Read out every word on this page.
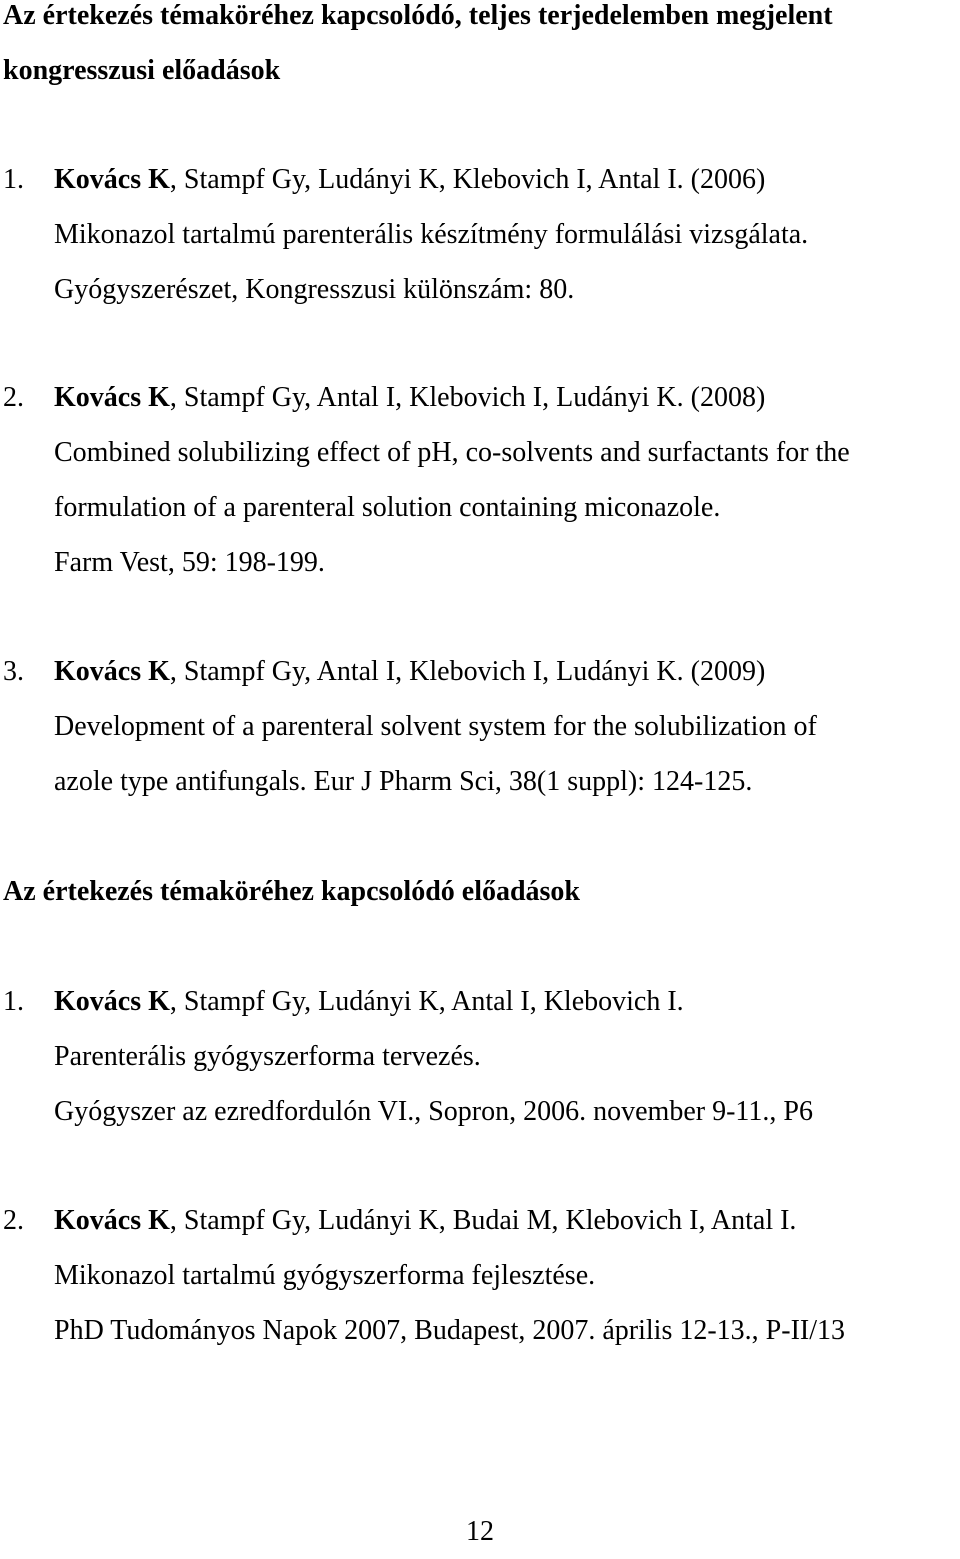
Az értekezés témaköréhez kapcsolódó, teljes terjedelemben megjelent
kongresszusi előadások
1. Kovács K, Stampf Gy, Ludányi K, Klebovich I, Antal I. (2006)
Mikonazol tartalmú parenterális készítmény formulálási vizsgálata.
Gyógyszerészet, Kongresszusi különszám: 80.
2. Kovács K, Stampf Gy, Antal I, Klebovich I, Ludányi K. (2008)
Combined solubilizing effect of pH, co-solvents and surfactants for the
formulation of a parenteral solution containing miconazole.
Farm Vest, 59: 198-199.
3. Kovács K, Stampf Gy, Antal I, Klebovich I, Ludányi K. (2009)
Development of a parenteral solvent system for the solubilization of
azole type antifungals. Eur J Pharm Sci, 38(1 suppl): 124-125.
Az értekezés témaköréhez kapcsolódó előadások
1. Kovács K, Stampf Gy, Ludányi K, Antal I, Klebovich I.
Parenterális gyógyszerforma tervezés.
Gyógyszer az ezredfordulón VI., Sopron, 2006. november 9-11., P6
2. Kovács K, Stampf Gy, Ludányi K, Budai M, Klebovich I, Antal I.
Mikonazol tartalmú gyógyszerforma fejlesztése.
PhD Tudományos Napok 2007, Budapest, 2007. április 12-13., P-II/13
12
